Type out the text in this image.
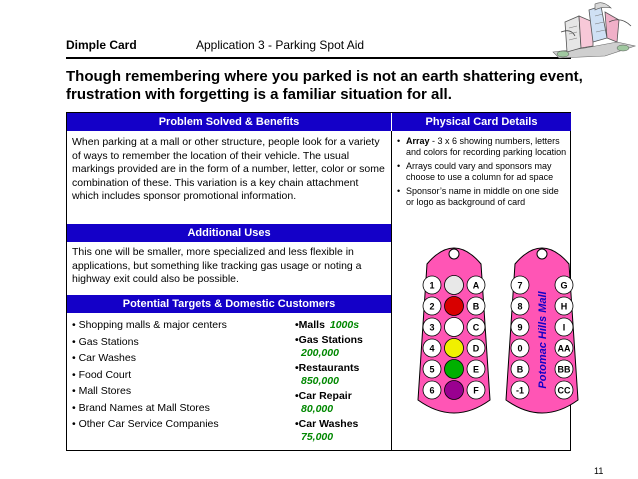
Dimple Card	Application 3 - Parking Spot Aid
Though remembering where you parked is not an earth shattering event, frustration with forgetting is a familiar situation for all.
Problem Solved & Benefits	Physical Card Details
When parking at a mall or other structure, people look for a variety of ways to remember the location of their vehicle. The usual markings provided are in the form of a number, letter, color or some combination of these. This variation is a key chain attachment which includes sponsor promotional information.
• Array - 3 x 6 showing numbers, letters and colors for recording parking location
• Arrays could vary and sponsors may choose to use a column for ad space
• Sponsor’s name in middle on one side or logo as background of card
Additional Uses
This one will be smaller, more specialized and less flexible in applications, but something like tracking gas usage or noting a highway exit could also be possible.
Potential Targets & Domestic Customers
• Shopping malls & major centers
• Gas Stations
• Car Washes
• Food Court
• Mall Stores
• Brand Names at Mall Stores
• Other Car Service Companies
•Malls 1000s
•Gas Stations
200,000
•Restaurants
850,000
•Car Repair
80,000
•Car Washes
75,000
1
2
3
4
5
6
A
B
C
D
E
F
7
8
9
0
B
-1
G
H
I
AA
BB
CC
Potomac Hills Mall
11
